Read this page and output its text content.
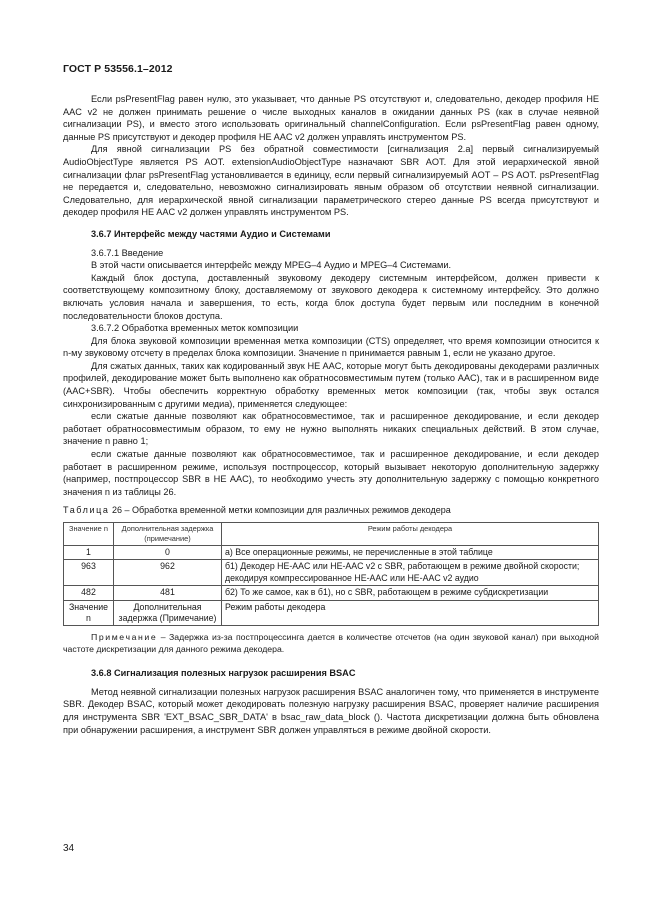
ГОСТ Р 53556.1–2012

Если psPresentFlag равен нулю, это указывает, что данные PS отсутствуют и, следовательно, декодер профиля HE AAC v2 не должен принимать решение о числе выходных каналов в ожидании данных PS (как в случае неявной сигнализации PS), и вместо этого использовать оригинальный channelConfiguration. Если psPresentFlag равен одному, данные PS присутствуют и декодер профиля HE AAC v2 должен управлять инструментом PS.

Для явной сигнализации PS без обратной совместимости [сигнализация 2.а] первый сигнализируемый AudioObjectType является PS AOT. extensionAudioObjectType назначают SBR AOT. Для этой иерархической явной сигнализации флаг psPresentFlag установливается в единицу, если первый сигнализируемый AOT – PS AOT. psPresentFlag не передается и, следовательно, невозможно сигнализировать явным образом об отсутствии неявной сигнализации. Следовательно, для иерархической явной сигнализации параметрического стерео данные PS всегда присутствуют и декодер профиля HE AAC v2 должен управлять инструментом PS.

3.6.7 Интерфейс между частями Аудио и Системами

3.6.7.1 Введение

В этой части описывается интерфейс между MPEG–4 Аудио и MPEG–4 Системами.

Каждый блок доступа, доставленный звуковому декодеру системным интерфейсом, должен привести к соответствующему композитному блоку, доставляемому от звукового декодера к системному интерфейсу. Это должно включать условия начала и завершения, то есть, когда блок доступа будет первым или последним в конечной последовательности блоков доступа.

3.6.7.2 Обработка временных меток композиции

Для блока звуковой композиции временная метка композиции (CTS) определяет, что время композиции относится к n-му звуковому отсчету в пределах блока композиции. Значение n принимается равным 1, если не указано другое.

Для сжатых данных, таких как кодированный звук HE AAC, которые могут быть декодированы декодерами различных профилей, декодирование может быть выполнено как обратносовместимым путем (только AAC), так и в расширенном виде (AAC+SBR). Чтобы обеспечить корректную обработку временных меток композиции (так, чтобы звук остался синхронизированным с другими медиа), применяется следующее:

если сжатые данные позволяют как обратносовместимое, так и расширенное декодирование, и если декодер работает обратносовместимым образом, то ему не нужно выполнять никаких специальных действий. В этом случае, значение n равно 1;

если сжатые данные позволяют как обратносовместимое, так и расширенное декодирование, и если декодер работает в расширенном режиме, используя постпроцессор, который вызывает некоторую дополнительную задержку (например, постпроцессор SBR в HE AAC), то необходимо учесть эту дополнительную задержку с помощью конкретного значения n из таблицы 26.

Таблица 26 – Обработка временной метки композиции для различных режимов декодера

Значение n	Дополнительная задержка (примечание)	Режим работы декодера
1	0	а) Все операционные режимы, не перечисленные в этой таблице
963	962	б1) Декодер HE-AAC или HE-AAC v2 с SBR, работающем в режиме двойной скорости; декодируя компрессированное HE-AAC или HE-AAC v2 аудио
482	481	б2) То же самое, как в б1), но с SBR, работающем в режиме субдискретизации
Значение n	Дополнительная задержка (Примечание)	Режим работы декодера

Примечание – Задержка из-за постпроцессинга дается в количестве отсчетов (на один звуковой канал) при выходной частоте дискретизации для данного режима декодера.

3.6.8 Сигнализация полезных нагрузок расширения BSAC

Метод неявной сигнализации полезных нагрузок расширения BSAC аналогичен тому, что применяется в инструменте SBR. Декодер BSAC, который может декодировать полезную нагрузку расширения BSAC, проверяет наличие расширения для инструмента SBR 'EXT_BSAC_SBR_DATA' в bsac_raw_data_block (). Частота дискретизации должна быть обновлена при обнаружении расширения, а инструмент SBR должен управляться в режиме двойной скорости.

34
